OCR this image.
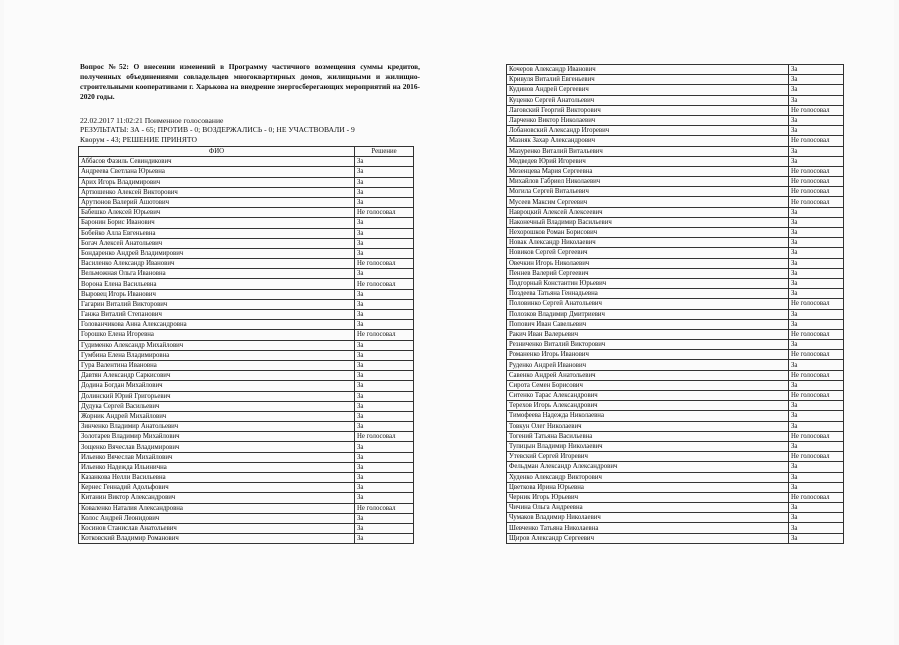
Вопрос №52: О внесении изменений в Программу частичного возмещения суммы кредитов, полученных объединениями совладельцев многоквартирных домов, жилищными и жилищно-строительными кооперативами г. Харькова на внедрение энергосберегающих мероприятий на 2016-2020 годы.
22.02.2017 11:02:21 Поименное голосование
РЕЗУЛЬТАТЫ: ЗА - 65; ПРОТИВ - 0; ВОЗДЕРЖАЛИСЬ - 0; НЕ УЧАСТВОВАЛИ - 9
Кворум - 43; РЕШЕНИЕ ПРИНЯТО
ФИО	Решение
Аббасов Фазиль Севиндикович	За
Андреева Светлана Юрьевна	За
Арих Игорь Владимирович	За
Артюшенко Алексей Викторович	За
Арутюнов Валерий Ашотович	За
Бабешко Алексей Юрьевич	Не голосовал
Баронин Борис Иванович	За
Бобейко Алла Евгеньевна	За
Богач Алексей Анатольевич	За
Бондаренко Андрей Владимирович	За
Василенко Александр Иванович	Не голосовал
Вельможная Ольга Ивановна	За
Ворона Елена Васильевна	Не голосовал
Выровец Игорь Иванович	За
Гагарин Виталий Викторович	За
Ганжа Виталий Степанович	За
Голованчикова Анна Александровна	За
Горошко Елена Игоревна	Не голосовал
Гудименко Александр Михайлович	За
Гумбина Елена Владимировна	За
Гура Валентина Ивановна	За
Давтян Александр Саркисович	За
Додина Богдан Михайлович	За
Долинский Юрий Григорьевич	За
Дудука Сергей Васильевич	За
Жорник Андрей Михайлович	За
Зинченко Владимир Анатольевич	За
Золотарев Владимир Михайлович	Не голосовал
Зощенко Вячеслав Владимирович	За
Ильенко Вячеслав Михайлович	За
Ильенко Надежда Ильинична	За
Казанкова Нелли Васильевна	За
Кернес Геннадий Адольфович	За
Китанин Виктор Александрович	За
Коваленко Наталия Александровна	Не голосовал
Колос Андрей Леонидович	За
Косинов Станислав Анатольевич	За
Котковский Владимир Романович	За
Кочеров Александр Иванович	За
Кривуля Виталий Евгеньевич	За
Кудинов Андрей Сергеевич	За
Куценко Сергей Анатольевич	За
Лаговский Георгий Викторович	Не голосовал
Ларченко Виктор Николаевич	За
Лобановский Александр Игоревич	За
Мазняк Захар Александрович	Не голосовал
Мазуренко Виталий Витальевич	За
Медведев Юрий Игоревич	За
Мезенцева Мария Сергеевна	Не голосовал
Михайлов Габриел Николаевич	Не голосовал
Могила Сергей Витальевич	Не голосовал
Мусеев Максим Сергеевич	Не голосовал
Навроцкий Алексей Алексеевич	За
Наконечный Владимир Васильевич	За
Нехорошков Роман Борисович	За
Новак Александр Николаевич	За
Новиков Сергей Сергеевич	За
Овечкин Игорь Николаевич	За
Пеннев Валерий Сергеевич	За
Подгорный Константин Юрьевич	За
Поздеева Татьяна Геннадьевна	За
Половинко Сергей Анатольевич	Не голосовал
Полозков Владимир Дмитриевич	За
Попович Иван Савельевич	За
Ракич Иван Валерьевич	Не голосовал
Резниченко Виталий Викторович	За
Романенко Игорь Иванович	Не голосовал
Руденко Андрей Иванович	За
Савенко Андрей Анатольевич	Не голосовал
Сирота Семен Борисович	За
Ситенко Тарас Александрович	Не голосовал
Терехов Игорь Александрович	За
Тимофеева Надежда Николаевна	За
Товкун Олег Николаевич	За
Тогений Татьяна Васильевна	Не голосовал
Тупицын Владимир Николаевич	За
Утевский Сергей Игоревич	Не голосовал
Фельдман Александр Александрович	За
Худенко Александр Викторович	За
Цветкова Ирина Юрьевна	За
Черник Игорь Юрьевич	Не голосовал
Чичина Ольга Андреевна	За
Чумаков Владимир Николаевич	За
Шевченко Татьяна Николаевна	За
Щиров Александр Сергеевич	За
